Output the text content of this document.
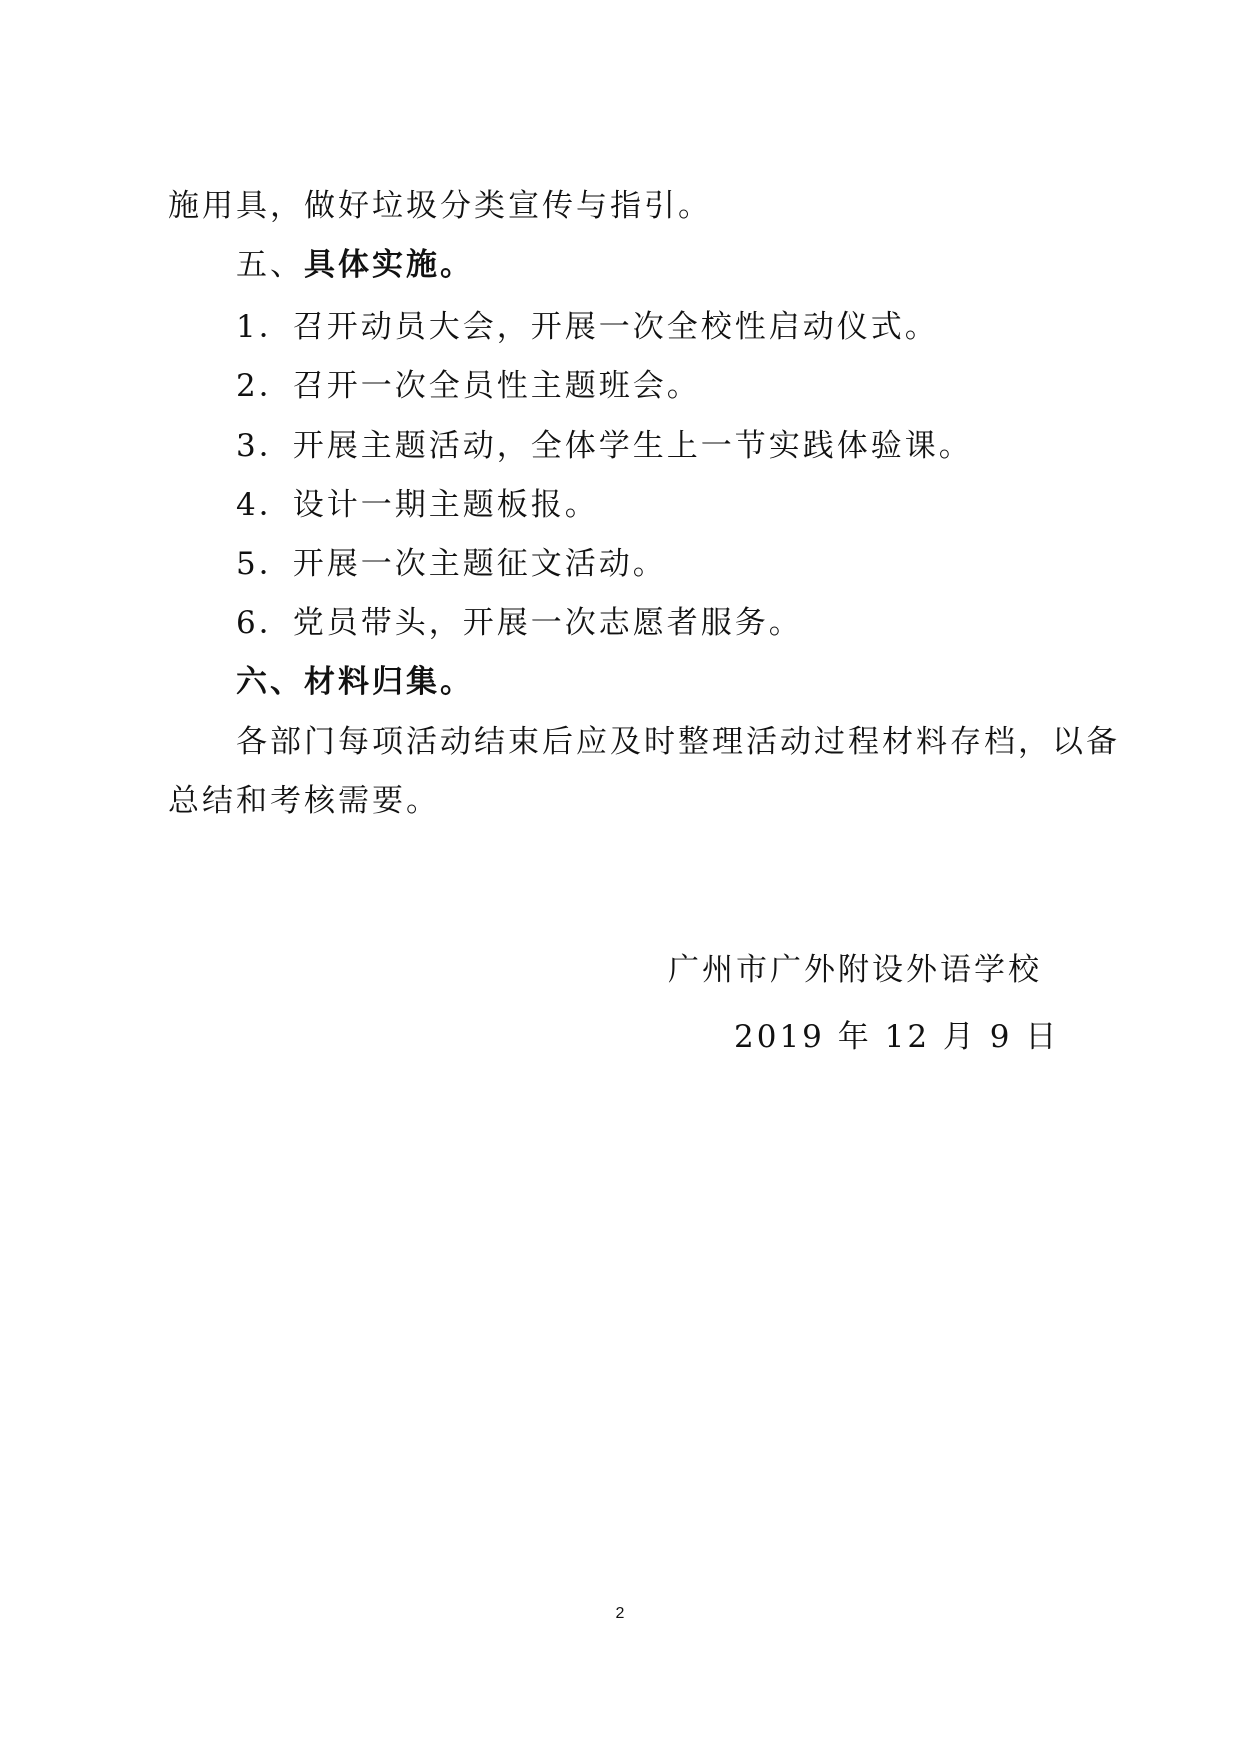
施用具，做好垃圾分类宣传与指引。
五、具体实施。
1．召开动员大会，开展一次全校性启动仪式。
2．召开一次全员性主题班会。
3．开展主题活动，全体学生上一节实践体验课。
4．设计一期主题板报。
5．开展一次主题征文活动。
6．党员带头，开展一次志愿者服务。
六、材料归集。
各部门每项活动结束后应及时整理活动过程材料存档，以备
总结和考核需要。
广州市广外附设外语学校
2019 年 12 月 9 日
2
